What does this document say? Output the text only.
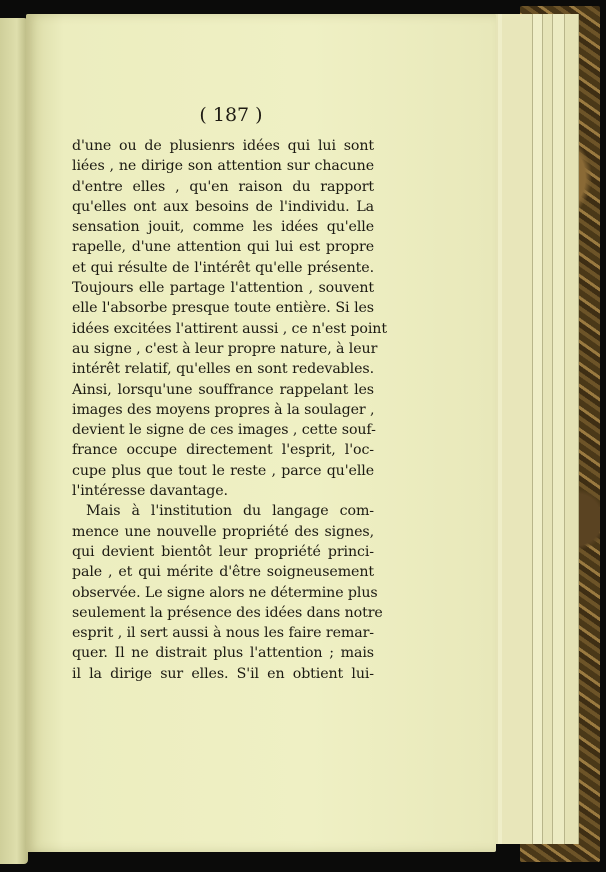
( 187 )

d'une ou de plusienrs idées qui lui sont
liées , ne dirige son attention sur chacune
d'entre elles , qu'en raison du rapport
qu'elles ont aux besoins de l'individu. La
sensation jouit, comme les idées qu'elle
rapelle, d'une attention qui lui est propre
et qui résulte de l'intérêt qu'elle présente.
Toujours elle partage l'attention , souvent
elle l'absorbe presque toute entière. Si les
idées excitées l'attirent aussi , ce n'est point
au signe , c'est à leur propre nature, à leur
intérêt relatif, qu'elles en sont redevables.
Ainsi, lorsqu'une souffrance rappelant les
images des moyens propres à la soulager ,
devient le signe de ces images , cette souf-
france occupe directement l'esprit, l'oc-
cupe plus que tout le reste , parce qu'elle
l'intéresse davantage.
Mais à l'institution du langage com-
mence une nouvelle propriété des signes,
qui devient bientôt leur propriété princi-
pale , et qui mérite d'être soigneusement
observée. Le signe alors ne détermine plus
seulement la présence des idées dans notre
esprit , il sert aussi à nous les faire remar-
quer. Il ne distrait plus l'attention ; mais
il la dirige sur elles. S'il en obtient lui-
